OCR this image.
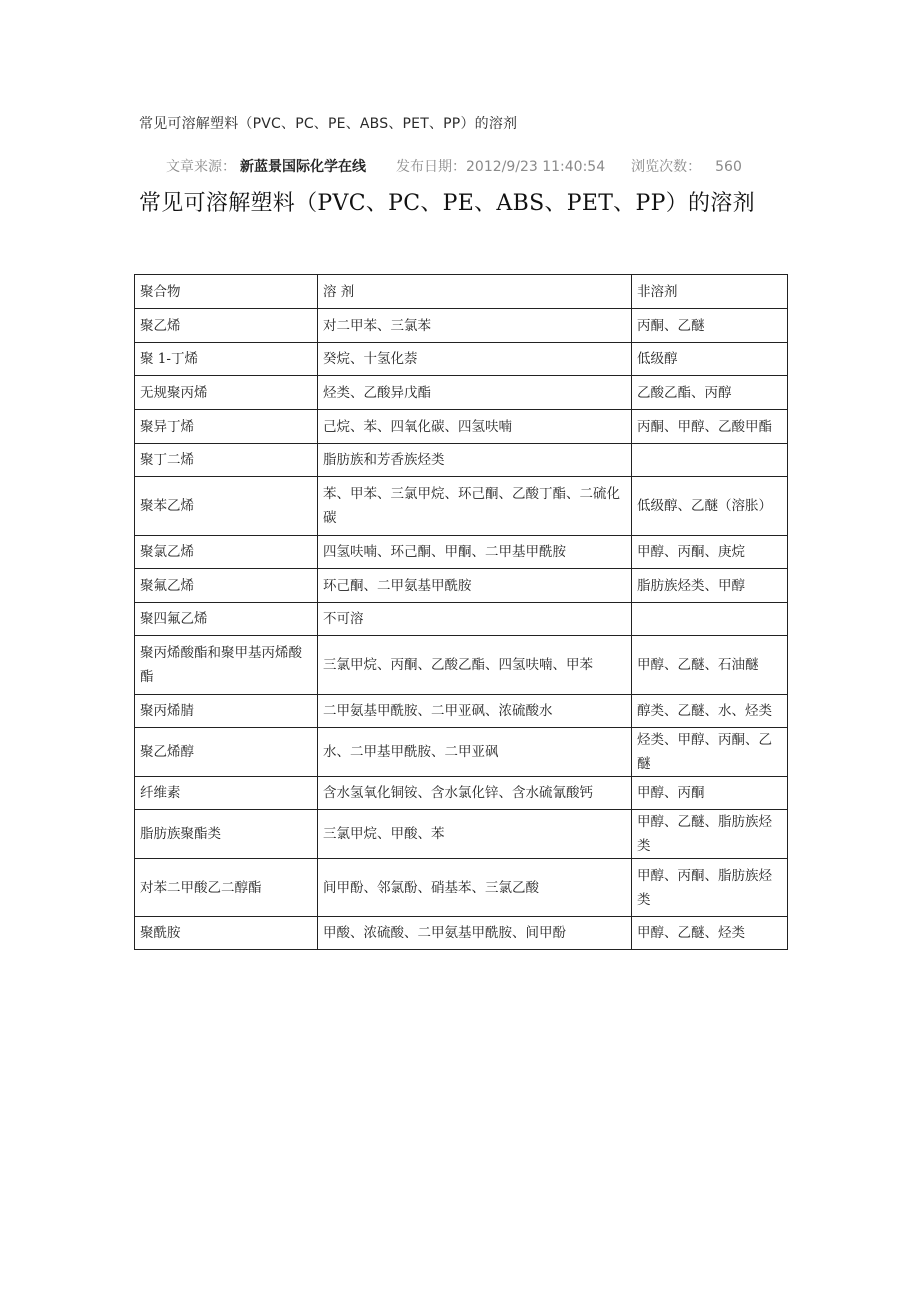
常见可溶解塑料（PVC、PC、PE、ABS、PET、PP）的溶剂
文章来源： 新蓝景国际化学在线 发布日期：2012/9/23 11:40:54 浏览次数： 560
常见可溶解塑料（PVC、PC、PE、ABS、PET、PP）的溶剂
聚合物	溶 剂	非溶剂
聚乙烯	对二甲苯、三氯苯	丙酮、乙醚
聚 1-丁烯	癸烷、十氢化萘	低级醇
无规聚丙烯	烃类、乙酸异戊酯	乙酸乙酯、丙醇
聚异丁烯	己烷、苯、四氧化碳、四氢呋喃	丙酮、甲醇、乙酸甲酯
聚丁二烯	脂肪族和芳香族烃类	
聚苯乙烯	苯、甲苯、三氯甲烷、环己酮、乙酸丁酯、二硫化碳	低级醇、乙醚（溶胀）
聚氯乙烯	四氢呋喃、环己酮、甲酮、二甲基甲酰胺	甲醇、丙酮、庚烷
聚氟乙烯	环己酮、二甲氨基甲酰胺	脂肪族烃类、甲醇
聚四氟乙烯	不可溶	
聚丙烯酸酯和聚甲基丙烯酸酯	三氯甲烷、丙酮、乙酸乙酯、四氢呋喃、甲苯	甲醇、乙醚、石油醚
聚丙烯腈	二甲氨基甲酰胺、二甲亚砜、浓硫酸水	醇类、乙醚、水、烃类
聚乙烯醇	水、二甲基甲酰胺、二甲亚砜	烃类、甲醇、丙酮、乙醚
纤维素	含水氢氧化铜铵、含水氯化锌、含水硫氰酸钙	甲醇、丙酮
脂肪族聚酯类	三氯甲烷、甲酸、苯	甲醇、乙醚、脂肪族烃类
对苯二甲酸乙二醇酯	间甲酚、邻氯酚、硝基苯、三氯乙酸	甲醇、丙酮、脂肪族烃类
聚酰胺	甲酸、浓硫酸、二甲氨基甲酰胺、间甲酚	甲醇、乙醚、烃类
